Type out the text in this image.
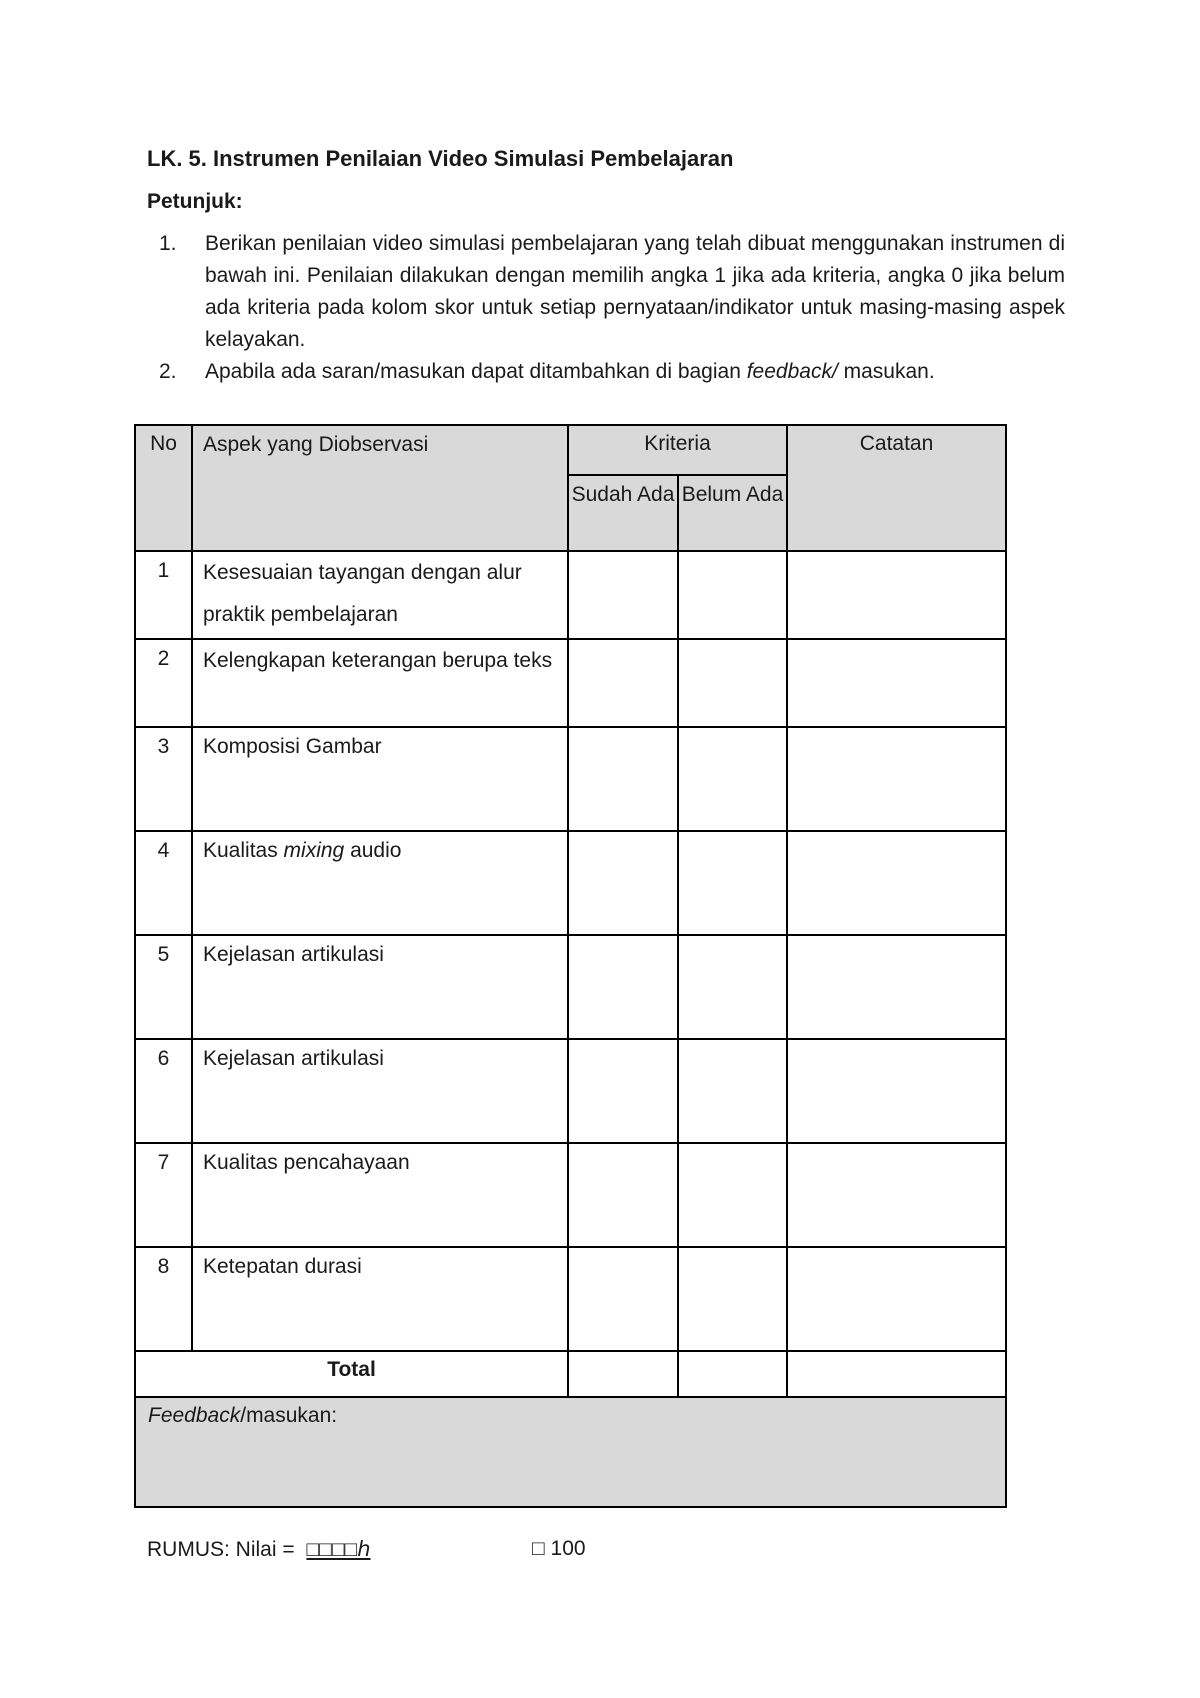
LK. 5. Instrumen Penilaian Video Simulasi Pembelajaran
Petunjuk:
1. Berikan penilaian video simulasi pembelajaran yang telah dibuat menggunakan instrumen di bawah ini. Penilaian dilakukan dengan memilih angka 1 jika ada kriteria, angka 0 jika belum ada kriteria pada kolom skor untuk setiap pernyataan/indikator untuk masing-masing aspek kelayakan.
2. Apabila ada saran/masukan dapat ditambahkan di bagian feedback/ masukan.
No	Aspek yang Diobservasi	Kriteria		Catatan
		Sudah Ada	Belum Ada	
1	Kesesuaian tayangan dengan alur praktik pembelajaran			
2	Kelengkapan keterangan berupa teks			
3	Komposisi Gambar			
4	Kualitas mixing audio			
5	Kejelasan artikulasi			
6	Kejelasan artikulasi			
7	Kualitas pencahayaan			
8	Ketepatan durasi			
Total				
Feedback/masukan:				
RUMUS: Nilai = □□□□ℎ	□ 100
